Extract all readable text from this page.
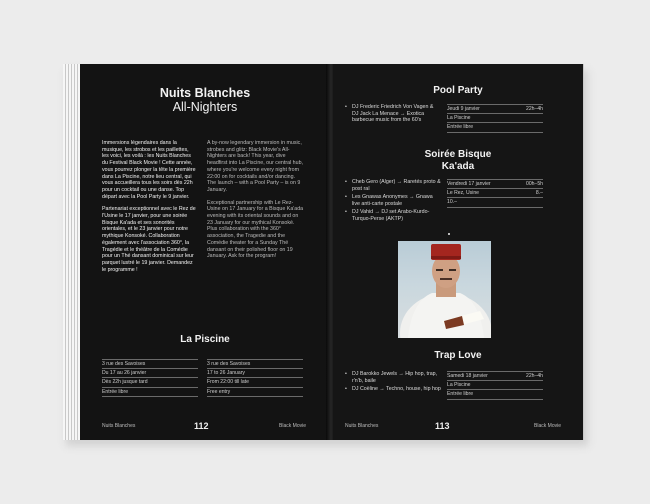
Nuits Blanches
All-Nighters

Immersions légendaires dans la musique, les strobos et les paillettes, les voici, les voilà : les Nuits Blanches du Festival Black Movie ! Cette année, vous pourrez plonger la tête la première dans La Piscine, notre lieu central, qui vous accueillera tous les soirs dès 22h pour un cocktail ou une danse. Top départ avec la Pool Party le 9 janvier.

Partenariat exceptionnel avec le Rez de l'Usine le 17 janvier, pour une soirée Bisque Ka'ada et ses sonorités orientales, et le 23 janvier pour notre mythique Konsoké. Collaboration également avec l'association 360°, la Tragédie et le théâtre de la Comédie pour un Thé dansant dominical sur leur parquet lustré le 19 janvier. Demandez le programme !

A by-now legendary immersion in music, strobes and glitz: Black Movie's All-Nighters are back! This year, dive headfirst into La Piscine, our central hub, where you're welcome every night from 22:00 on for cocktails and/or dancing. The launch – with a Pool Party – is on 9 January.

Exceptional partnership with Le Rez-Usine on 17 January for a Bisque Ka'ada evening with its oriental sounds and on 23 January for our mythical Konsoké. Plus collaboration with the 360° association, the Tragedie and the Comédie theater for a Sunday Thé dansant on their polished floor on 19 January. Ask for the program!

La Piscine
3 rue des Savoises
Du 17 au 26 janvier
Dès 22h jusque tard
Entrée libre
3 rue des Savoises
17 to 26 January
From 22:00 till late
Free entry
Nuits Blanches	112	Black Movie
Pool Party
• DJ Frederic Friedrich Von Vagen & DJ Jack La Menace → Exotica barbecue music from the 60's
Jeudi 9 janvier	22h–4h
La Piscine
Entrée libre
Soirée Bisque
Ka'ada
• Cheb Gero (Alger) → Raretés proto & post raï
• Les Gnawas Anonymes → Gnawa live anti-carte postale
• DJ Vahid → DJ set Arabo-Kurdo-Turquo-Perse (AKTP)
Vendredi 17 janvier	00h–5h
Le Rez, Usine	8.–
10.–
Trap Love
• DJ Barokko Jewels → Hip hop, trap, r'n'b, baile
• DJ Coëline → Techno, house, hip hop
Samedi 18 janvier	22h–4h
La Piscine
Entrée libre
Nuits Blanches	113	Black Movie
